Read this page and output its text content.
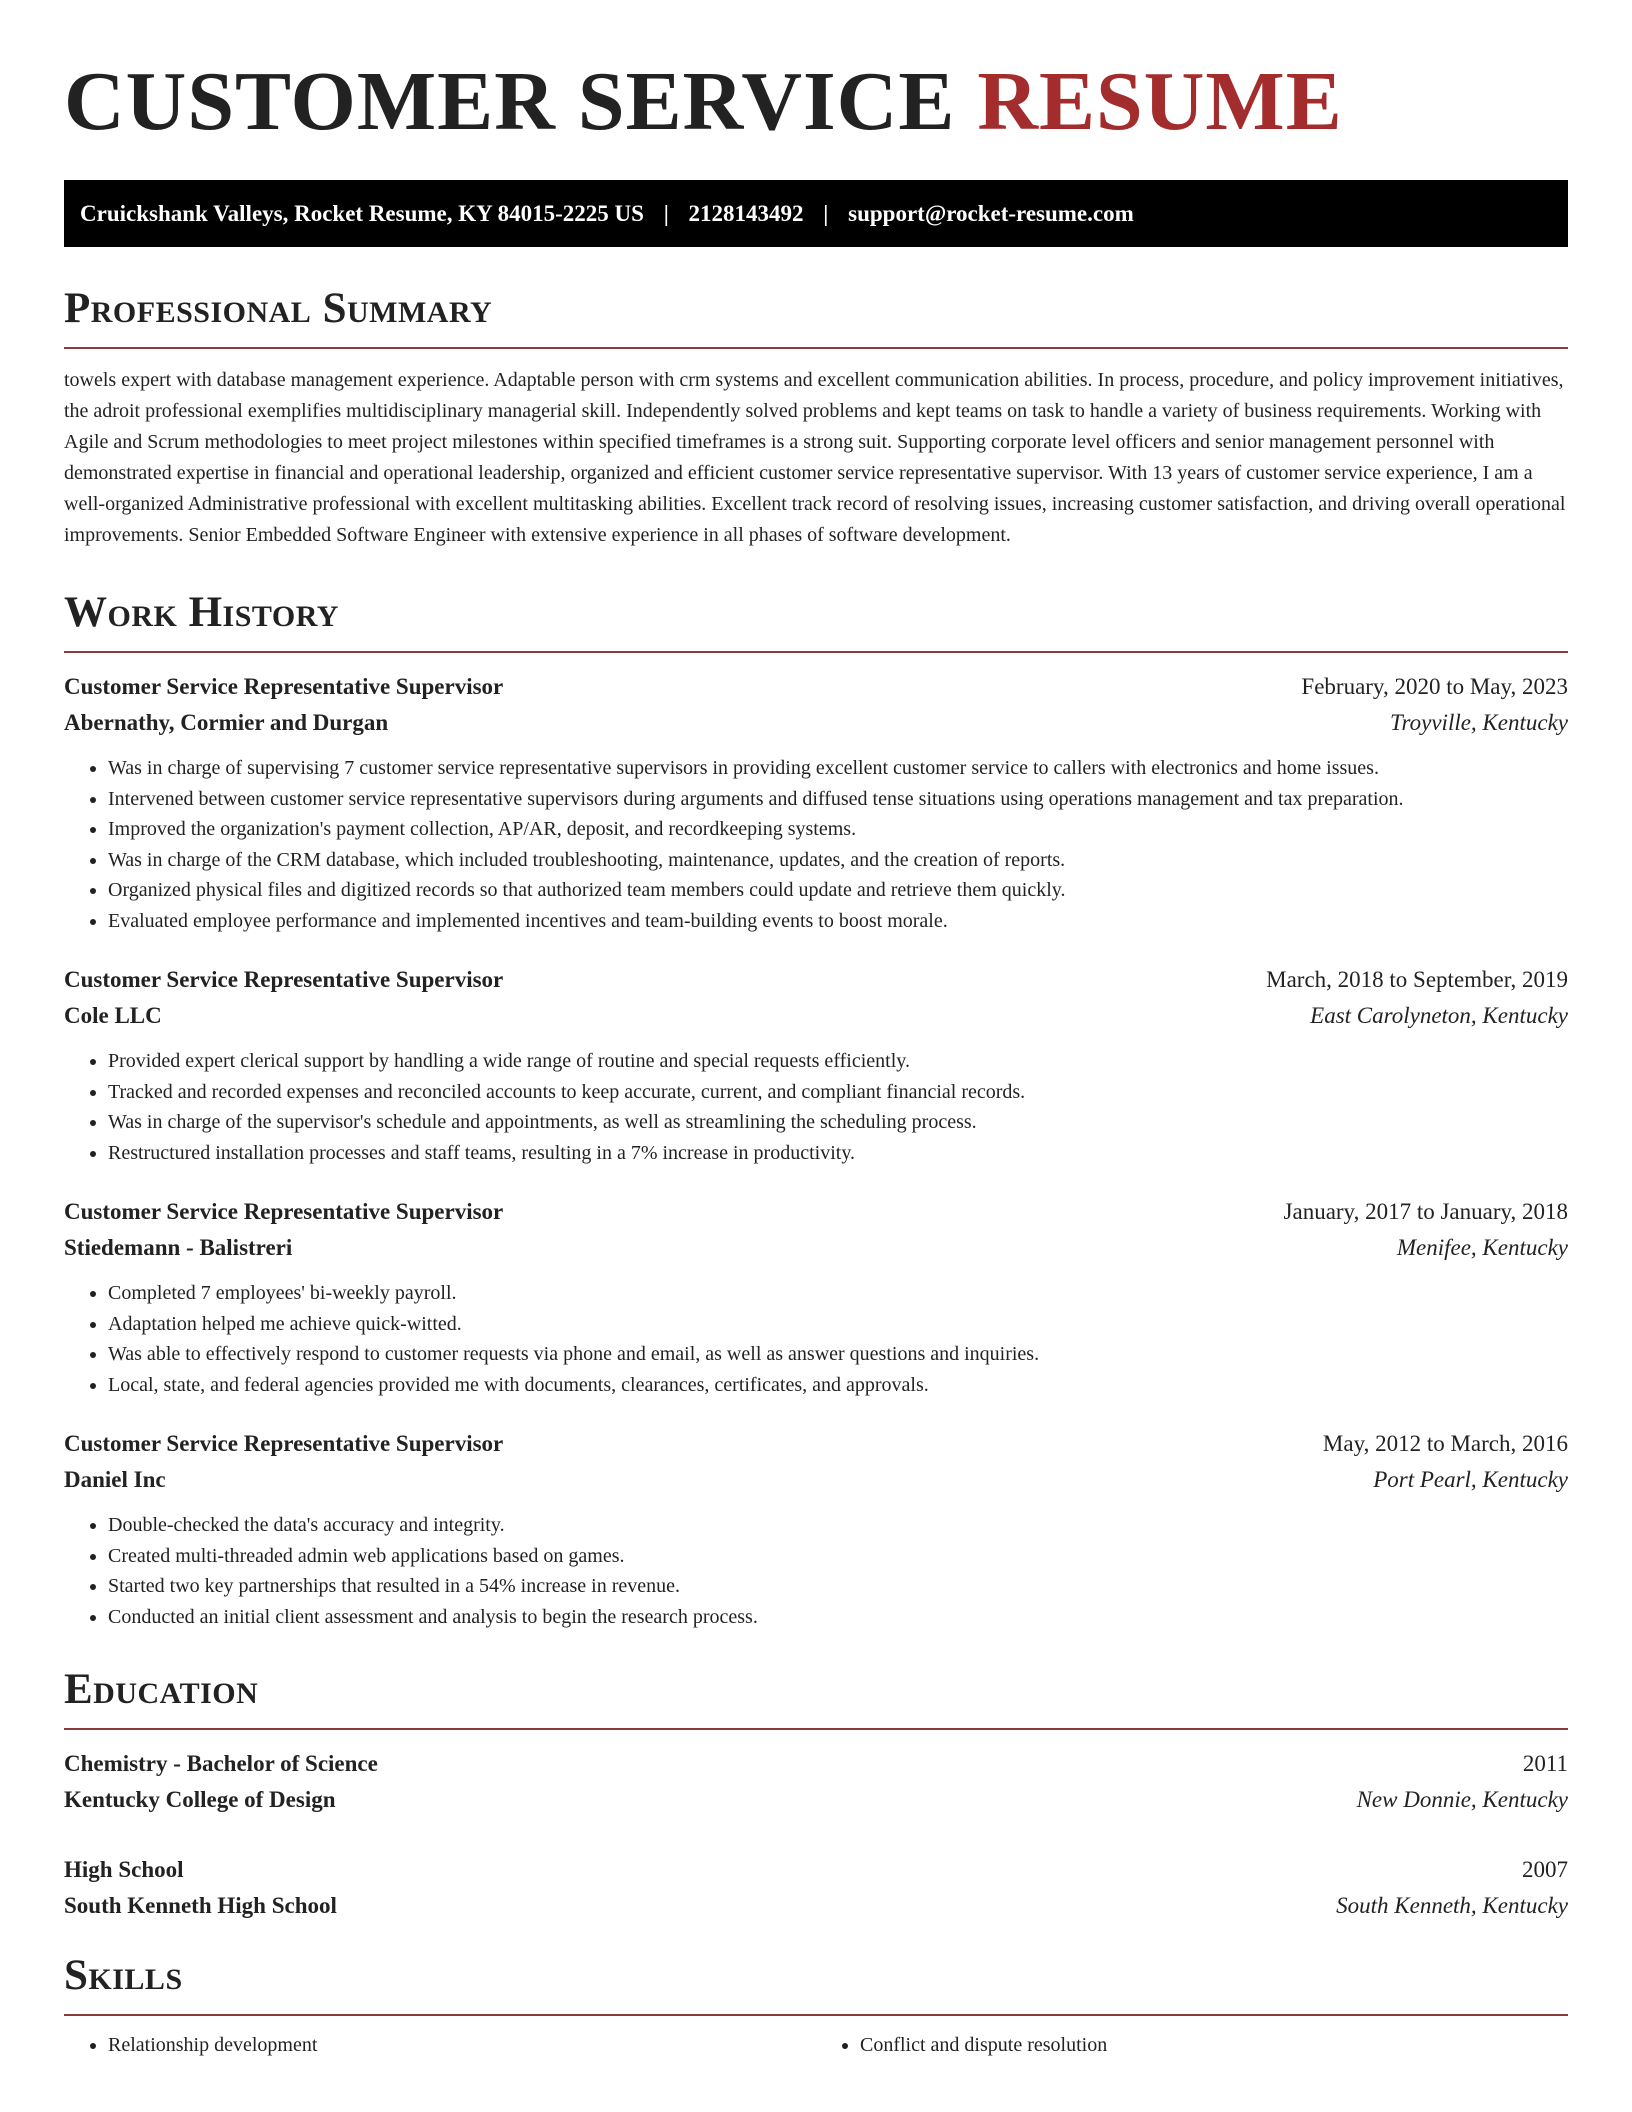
CUSTOMER SERVICE RESUME
Cruickshank Valleys, Rocket Resume, KY 84015-2225 US | 2128143492 | support@rocket-resume.com
Professional Summary

towels expert with database management experience. Adaptable person with crm systems and excellent communication abilities. In process, procedure, and policy improvement initiatives, the adroit professional exemplifies multidisciplinary managerial skill. Independently solved problems and kept teams on task to handle a variety of business requirements. Working with Agile and Scrum methodologies to meet project milestones within specified timeframes is a strong suit. Supporting corporate level officers and senior management personnel with demonstrated expertise in financial and operational leadership, organized and efficient customer service representative supervisor. With 13 years of customer service experience, I am a well-organized Administrative professional with excellent multitasking abilities. Excellent track record of resolving issues, increasing customer satisfaction, and driving overall operational improvements. Senior Embedded Software Engineer with extensive experience in all phases of software development.

Work History
Customer Service Representative Supervisor	February, 2020 to May, 2023
Abernathy, Cormier and Durgan	Troyville, Kentucky
• Was in charge of supervising 7 customer service representative supervisors in providing excellent customer service to callers with electronics and home issues.
• Intervened between customer service representative supervisors during arguments and diffused tense situations using operations management and tax preparation.
• Improved the organization's payment collection, AP/AR, deposit, and recordkeeping systems.
• Was in charge of the CRM database, which included troubleshooting, maintenance, updates, and the creation of reports.
• Organized physical files and digitized records so that authorized team members could update and retrieve them quickly.
• Evaluated employee performance and implemented incentives and team-building events to boost morale.
Customer Service Representative Supervisor	March, 2018 to September, 2019
Cole LLC	East Carolyneton, Kentucky
• Provided expert clerical support by handling a wide range of routine and special requests efficiently.
• Tracked and recorded expenses and reconciled accounts to keep accurate, current, and compliant financial records.
• Was in charge of the supervisor's schedule and appointments, as well as streamlining the scheduling process.
• Restructured installation processes and staff teams, resulting in a 7% increase in productivity.
Customer Service Representative Supervisor	January, 2017 to January, 2018
Stiedemann - Balistreri	Menifee, Kentucky
• Completed 7 employees' bi-weekly payroll.
• Adaptation helped me achieve quick-witted.
• Was able to effectively respond to customer requests via phone and email, as well as answer questions and inquiries.
• Local, state, and federal agencies provided me with documents, clearances, certificates, and approvals.
Customer Service Representative Supervisor	May, 2012 to March, 2016
Daniel Inc	Port Pearl, Kentucky
• Double-checked the data's accuracy and integrity.
• Created multi-threaded admin web applications based on games.
• Started two key partnerships that resulted in a 54% increase in revenue.
• Conducted an initial client assessment and analysis to begin the research process.
Education
Chemistry - Bachelor of Science	2011
Kentucky College of Design	New Donnie, Kentucky
High School	2007
South Kenneth High School	South Kenneth, Kentucky
Skills
• Relationship development
•	Conflict and dispute resolution
